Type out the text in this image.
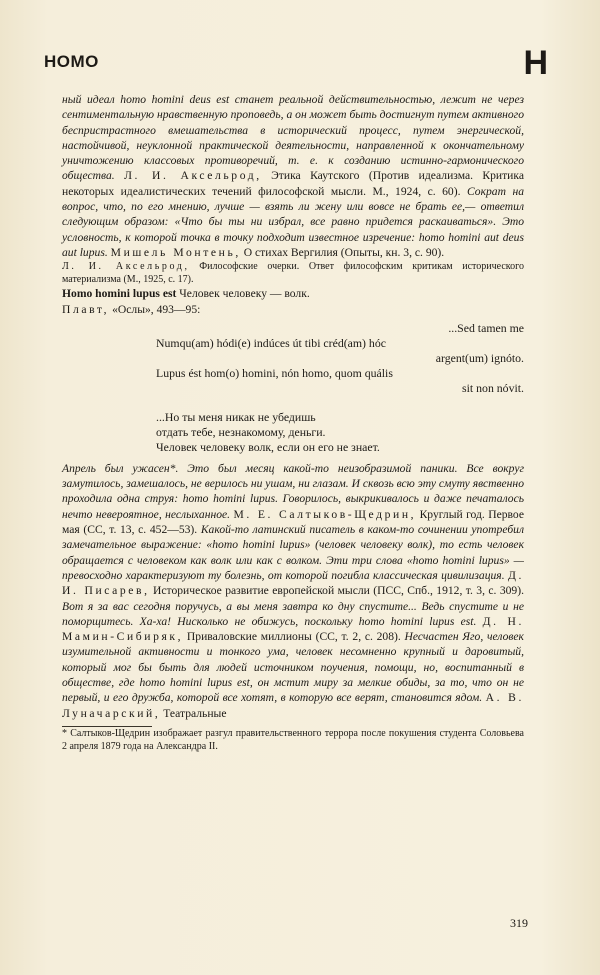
HOMO	H

ный идеал homo homini deus est станет реальной действительностью, лежит не через сентиментальную нравственную проповедь, а он может быть достигнут путем активного беспристрастного вмешательства в исторический процесс, путем энергической, настойчивой, неуклонной практической деятельности, направленной к окончательному уничтожению классовых противоречий, т. е. к созданию истинно-гармонического общества. Л. И. Аксельрод, Этика Каутского (Против идеализма. Критика некоторых идеалистических течений философской мысли. М., 1924, с. 60). Сократ на вопрос, что, по его мнению, лучше — взять ли жену или вовсе не брать ее,— ответил следующим образом: «Что бы ты ни избрал, все равно придется раскаиваться». Это условность, к которой точка в точку подходит известное изречение: homo homini aut deus aut lupus. Мишель Монтень, О стихах Вергилия (Опыты, кн. 3, с. 90).

Л. И. Аксельрод, Философские очерки. Ответ философским критикам исторического материализма (М., 1925, с. 17).

Homo homini lupus est Человек человеку — волк.

Плавт, «Ослы», 493—95:

...Sed tamen me
Numqu(am) hódi(e) indúces út tibi créd(am) hóc
argent(um) ignóto.
Lupus ést hom(o) homini, nón homo, quom quális
sit non nóvit.
...Но ты меня никак не убедишь
отдать тебе, незнакомому, деньги.
Человек человеку волк, если он его не знает.

Апрель был ужасен*. Это был месяц какой-то неизобразимой паники. Все вокруг замутилось, замешалось, не верилось ни ушам, ни глазам. И сквозь всю эту смуту явственно проходила одна струя: homo homini lupus. Говорилось, выкрикивалось и даже печаталось нечто невероятное, неслыханное. М. Е. Салтыков-Щедрин, Круглый год. Первое мая (СС, т. 13, с. 452—53). Какой-то латинский писатель в каком-то сочинении употребил замечательное выражение: «homo homini lupus» (человек человеку волк), то есть человек обращается с человеком как волк или как с волком. Эти три слова «homo homini lupus» — превосходно характеризуют ту болезнь, от которой погибла классическая цивилизация. Д. И. Писарев, Историческое развитие европейской мысли (ПСС, Спб., 1912, т. 3, с. 309). Вот я за вас сегодня поручусь, а вы меня завтра ко дну спустите... Ведь спустите и не поморщитесь. Ха-ха! Нисколько не обижусь, поскольку homo homini lupus est. Д. Н. Мамин-Сибиряк, Приваловские миллионы (СС, т. 2, с. 208). Несчастен Яго, человек изумительной активности и тонкого ума, человек несомненно крупный и даровитый, который мог бы быть для людей источником поучения, помощи, но, воспитанный в обществе, где homo homini lupus est, он мстит миру за мелкие обиды, за то, что он не первый, и его дружба, которой все хотят, в которую все верят, становится ядом. А. В. Луначарский, Театральные

* Салтыков-Щедрин изображает разгул правительственного террора после покушения студента Соловьева 2 апреля 1879 года на Александра II.

319
